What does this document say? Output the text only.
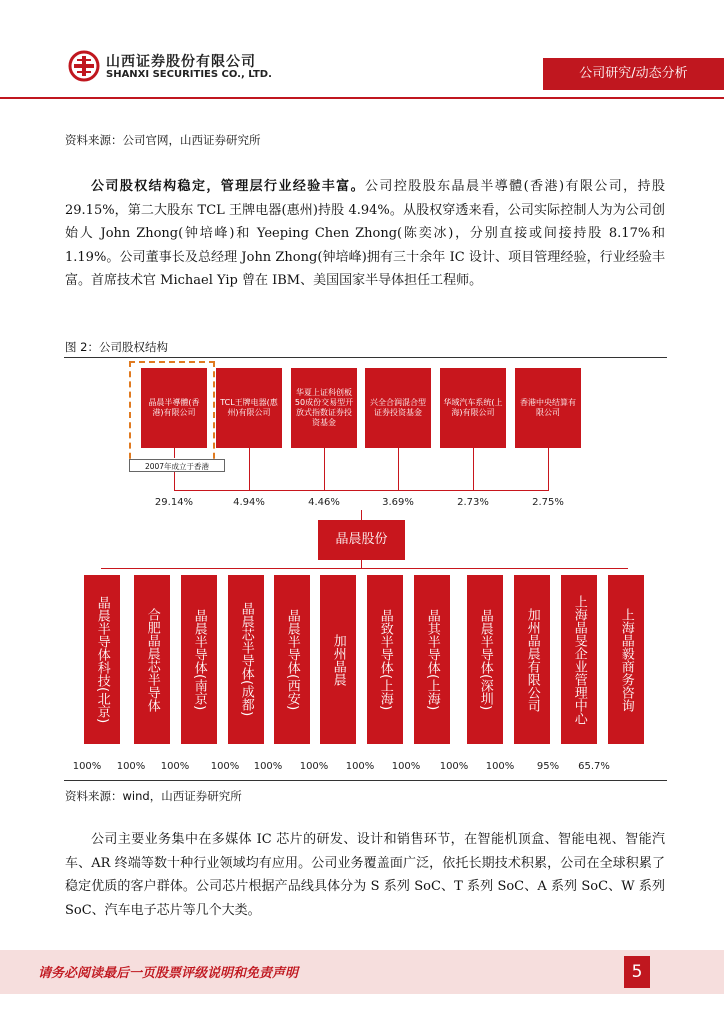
山西证券股份有限公司
SHANXI SECURITIES CO., LTD.	公司研究/动态分析
资料来源：公司官网，山西证券研究所
公司股权结构稳定，管理层行业经验丰富。公司控股股东晶晨半導體(香港)有限公司，持股 29.15%，第二大股东 TCL 王牌电器(惠州)持股 4.94%。从股权穿透来看，公司实际控制人为为公司创始人 John Zhong(钟培峰)和 Yeeping Chen Zhong(陈奕冰)，分别直接或间接持股 8.17%和 1.19%。公司董事长及总经理 John Zhong(钟培峰)拥有三十余年 IC 设计、项目管理经验，行业经验丰富。首席技术官 Michael Yip 曾在 IBM、美国国家半导体担任工程师。
图 2：公司股权结构
晶晨半導體(香港)有限公司
TCL王牌电器(惠州)有限公司
华夏上证科创板50成份交易型开放式指数证券投资基金
兴全合润混合型证券投资基金
华域汽车系统(上海)有限公司
香港中央结算有限公司
2007年成立于香港
29.14%	4.94%	4.46%	3.69%	2.73%	2.75%
晶晨股份
晶晨半导体科技(北京)	合肥晶晨芯半导体	晶晨半导体(南京)	晶晨芯半导体(成都)	晶晨半导体(西安)	加州晶晨	晶致半导体(上海)	晶其半导体(上海)	晶晨半导体(深圳)	加州晶晨有限公司	上海晶旻企业管理中心	上海晶毅商务咨询
100% 100% 100% 100% 100% 100% 100% 100% 100% 100%	95%	65.7%
资料来源：wind，山西证券研究所
公司主要业务集中在多媒体 IC 芯片的研发、设计和销售环节，在智能机顶盒、智能电视、智能汽车、AR 终端等数十种行业领域均有应用。公司业务覆盖面广泛，依托长期技术积累，公司在全球积累了稳定优质的客户群体。公司芯片根据产品线具体分为 S 系列 SoC、T 系列 SoC、A 系列 SoC、W 系列 SoC、汽车电子芯片等几个大类。
请务必阅读最后一页股票评级说明和免责声明	5
